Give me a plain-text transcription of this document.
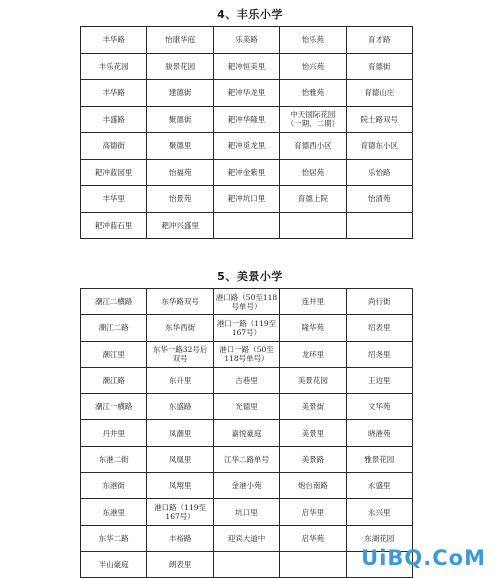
4、丰乐小学
丰华路	怡康华庭	乐美路	怡乐苑	育才路
丰乐花园	骏景花园	耙冲恒美里	怡兴苑	育德街
丰华路	建德街	耙冲华龙里	怡雅苑	育德山庄
丰盛路	聚德街	耙冲华隆里	中天国际花园
（一期、二期）	院士路双号
高德街	聚德里	耙冲觅龙里	育德西小区	育德东小区
耙冲蓝园里	怡福苑	耙冲金紫里	怡居苑	乐怡路
丰华里	怡景苑	耙冲坑口里	育德上院	怡清苑
耙冲蓝石里	耙冲兴盛里			
5、美景小学
潮江二横路	东华路双号	港口路（50至118
号单号）	连井里	尚行街
潮江二路	东华西街	港口一路（119至
167号）	隆华苑	绍表里
潮江里	东华一路32号后
双号	港口一路（50至
118号单号）	龙环里	绍尧里
潮江路	东升里	古巷里	美景花园	王边里
潮江一横路	东盛路	光德里	美景街	文华苑
丹井里	凤潮里	嘉悦豪庭	美景里	晓港苑
东港二街	凤凰里	江华二路单号	美景路	雅景花园
东港街	凤翔里	金港小苑	炮台南路	永盛里
东港里	港口路（119至
167号）	坑口里	启华里	永兴里
东华二路	丰裕路	迎宾大道中	启华苑	东湖花园
半山豪庭	朗表里				UiBQ.CoM
